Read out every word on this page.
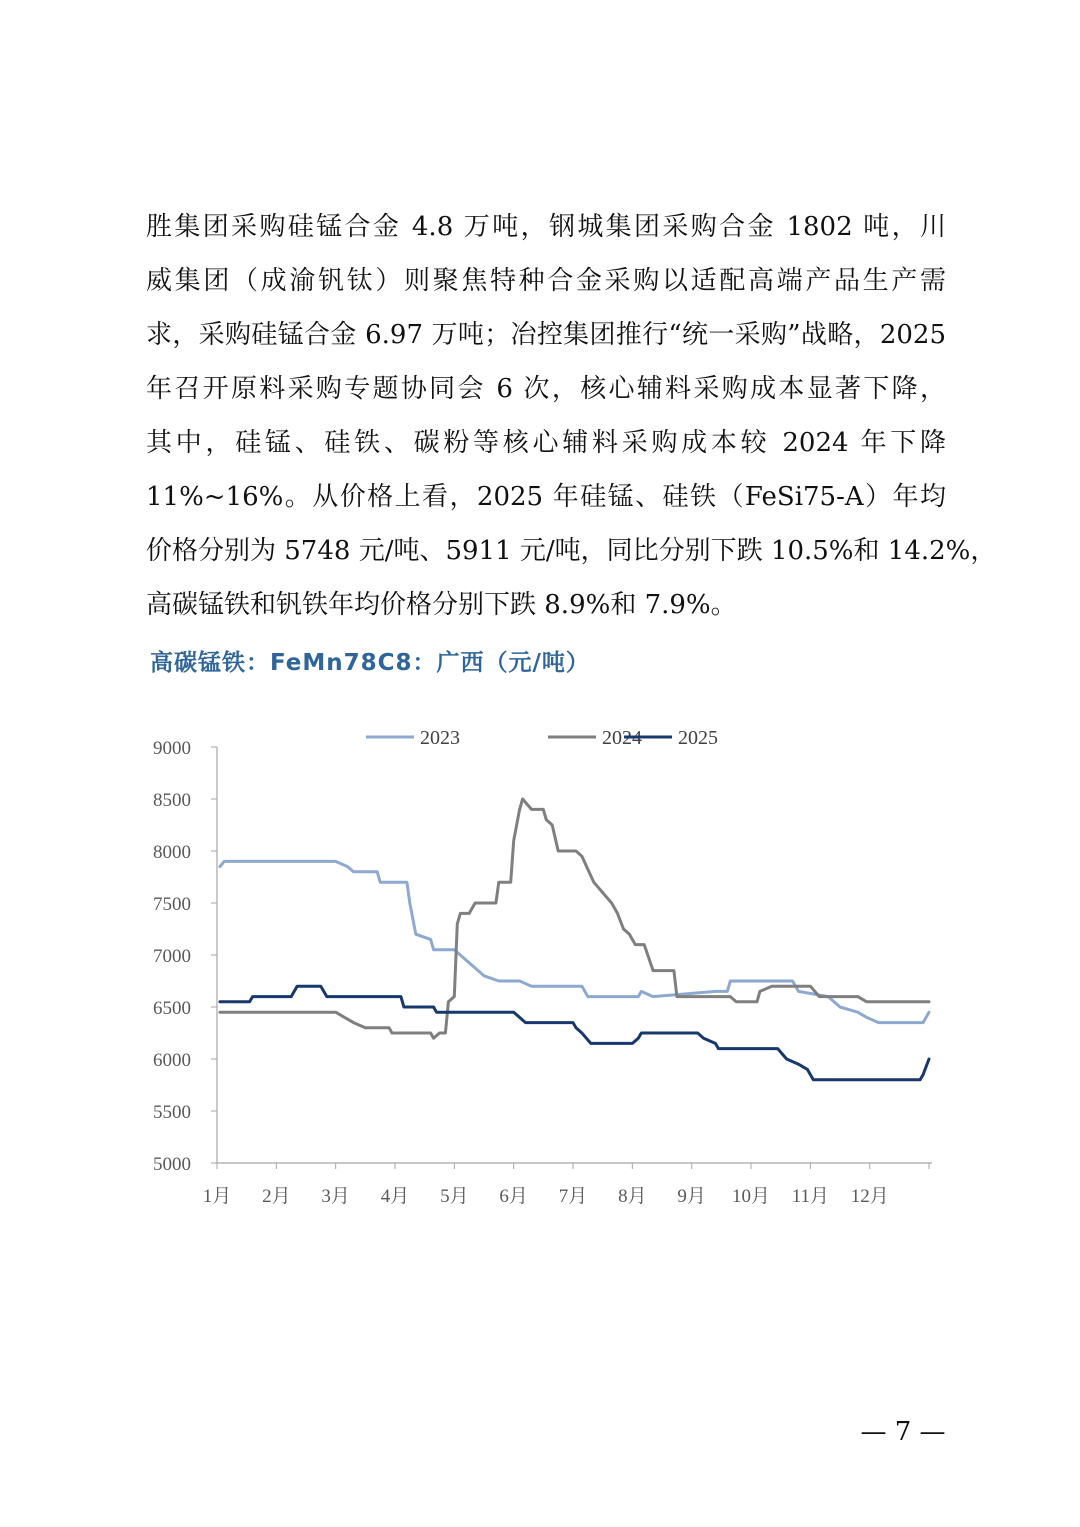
胜集团采购硅锰合金 4.8 万吨，钢城集团采购合金 1802 吨，川
威集团（成渝钒钛）则聚焦特种合金采购以适配高端产品生产需
求，采购硅锰合金 6.97 万吨；冶控集团推行“统一采购”战略，2025
年召开原料采购专题协同会 6 次，核心辅料采购成本显著下降，
其中，硅锰、硅铁、碳粉等核心辅料采购成本较 2024 年下降
11%~16%。从价格上看，2025 年硅锰、硅铁（FeSi75-A）年均
价格分别为 5748 元/吨、5911 元/吨，同比分别下跌 10.5%和 14.2%，
高碳锰铁和钒铁年均价格分别下跌 8.9%和 7.9%。
高碳锰铁：FeMn78C8：广西（元/吨）
2023	2024 2025
9000
8500
8000
7500
7000
6500
6000
5500
5000
1月 2月 3月 4月 5月 6月 7月 8月 9月 10月 11月 12月
— 7 —
